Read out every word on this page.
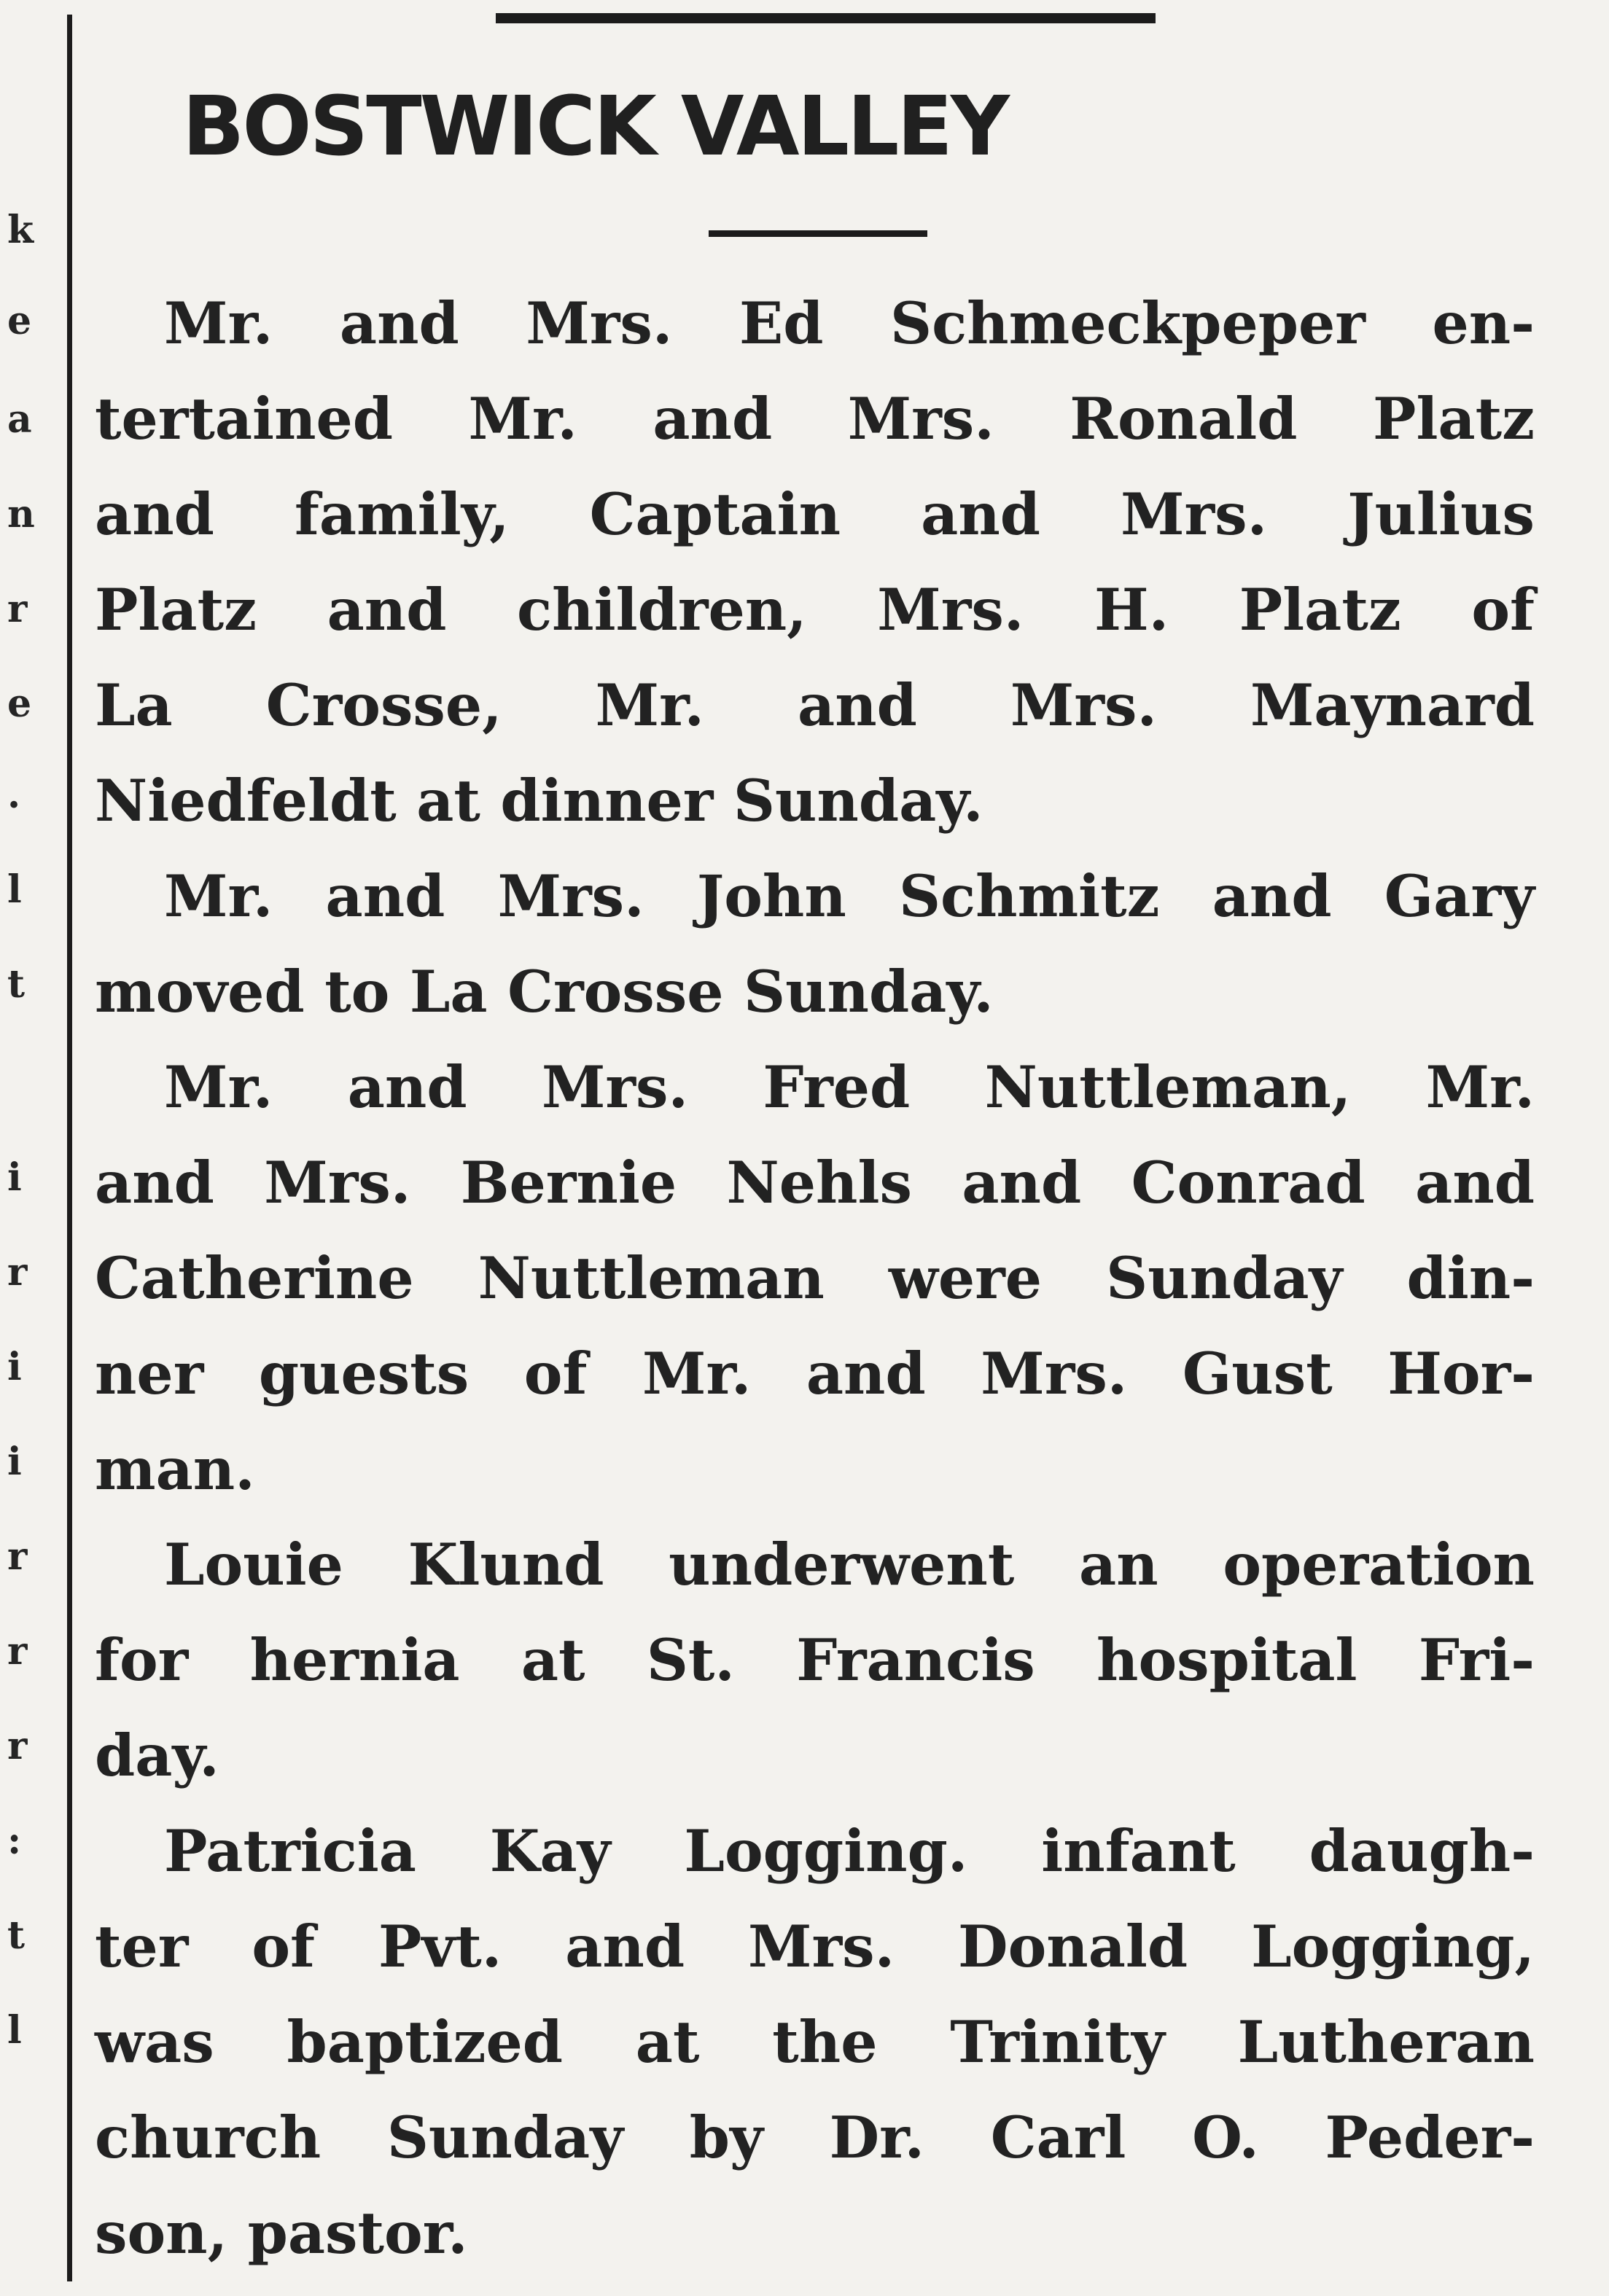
k
e
a
n
r
e
.
l
t
i
r
i
i
r
r
r
:
t
l
BOSTWICK VALLEY

Mr. and Mrs. Ed Schmeckpeper en-
tertained Mr. and Mrs. Ronald Platz
and family, Captain and Mrs. Julius
Platz and children, Mrs. H. Platz of
La Crosse, Mr. and Mrs. Maynard
Niedfeldt at dinner Sunday.

Mr. and Mrs. John Schmitz and Gary
moved to La Crosse Sunday.

Mr. and Mrs. Fred Nuttleman, Mr.
and Mrs. Bernie Nehls and Conrad and
Catherine Nuttleman were Sunday din-
ner guests of Mr. and Mrs. Gust Hor-
man.

Louie Klund underwent an operation
for hernia at St. Francis hospital Fri-
day.

Patricia Kay Logging. infant daugh-
ter of Pvt. and Mrs. Donald Logging,
was baptized at the Trinity Lutheran
church Sunday by Dr. Carl O. Peder-
son, pastor.
